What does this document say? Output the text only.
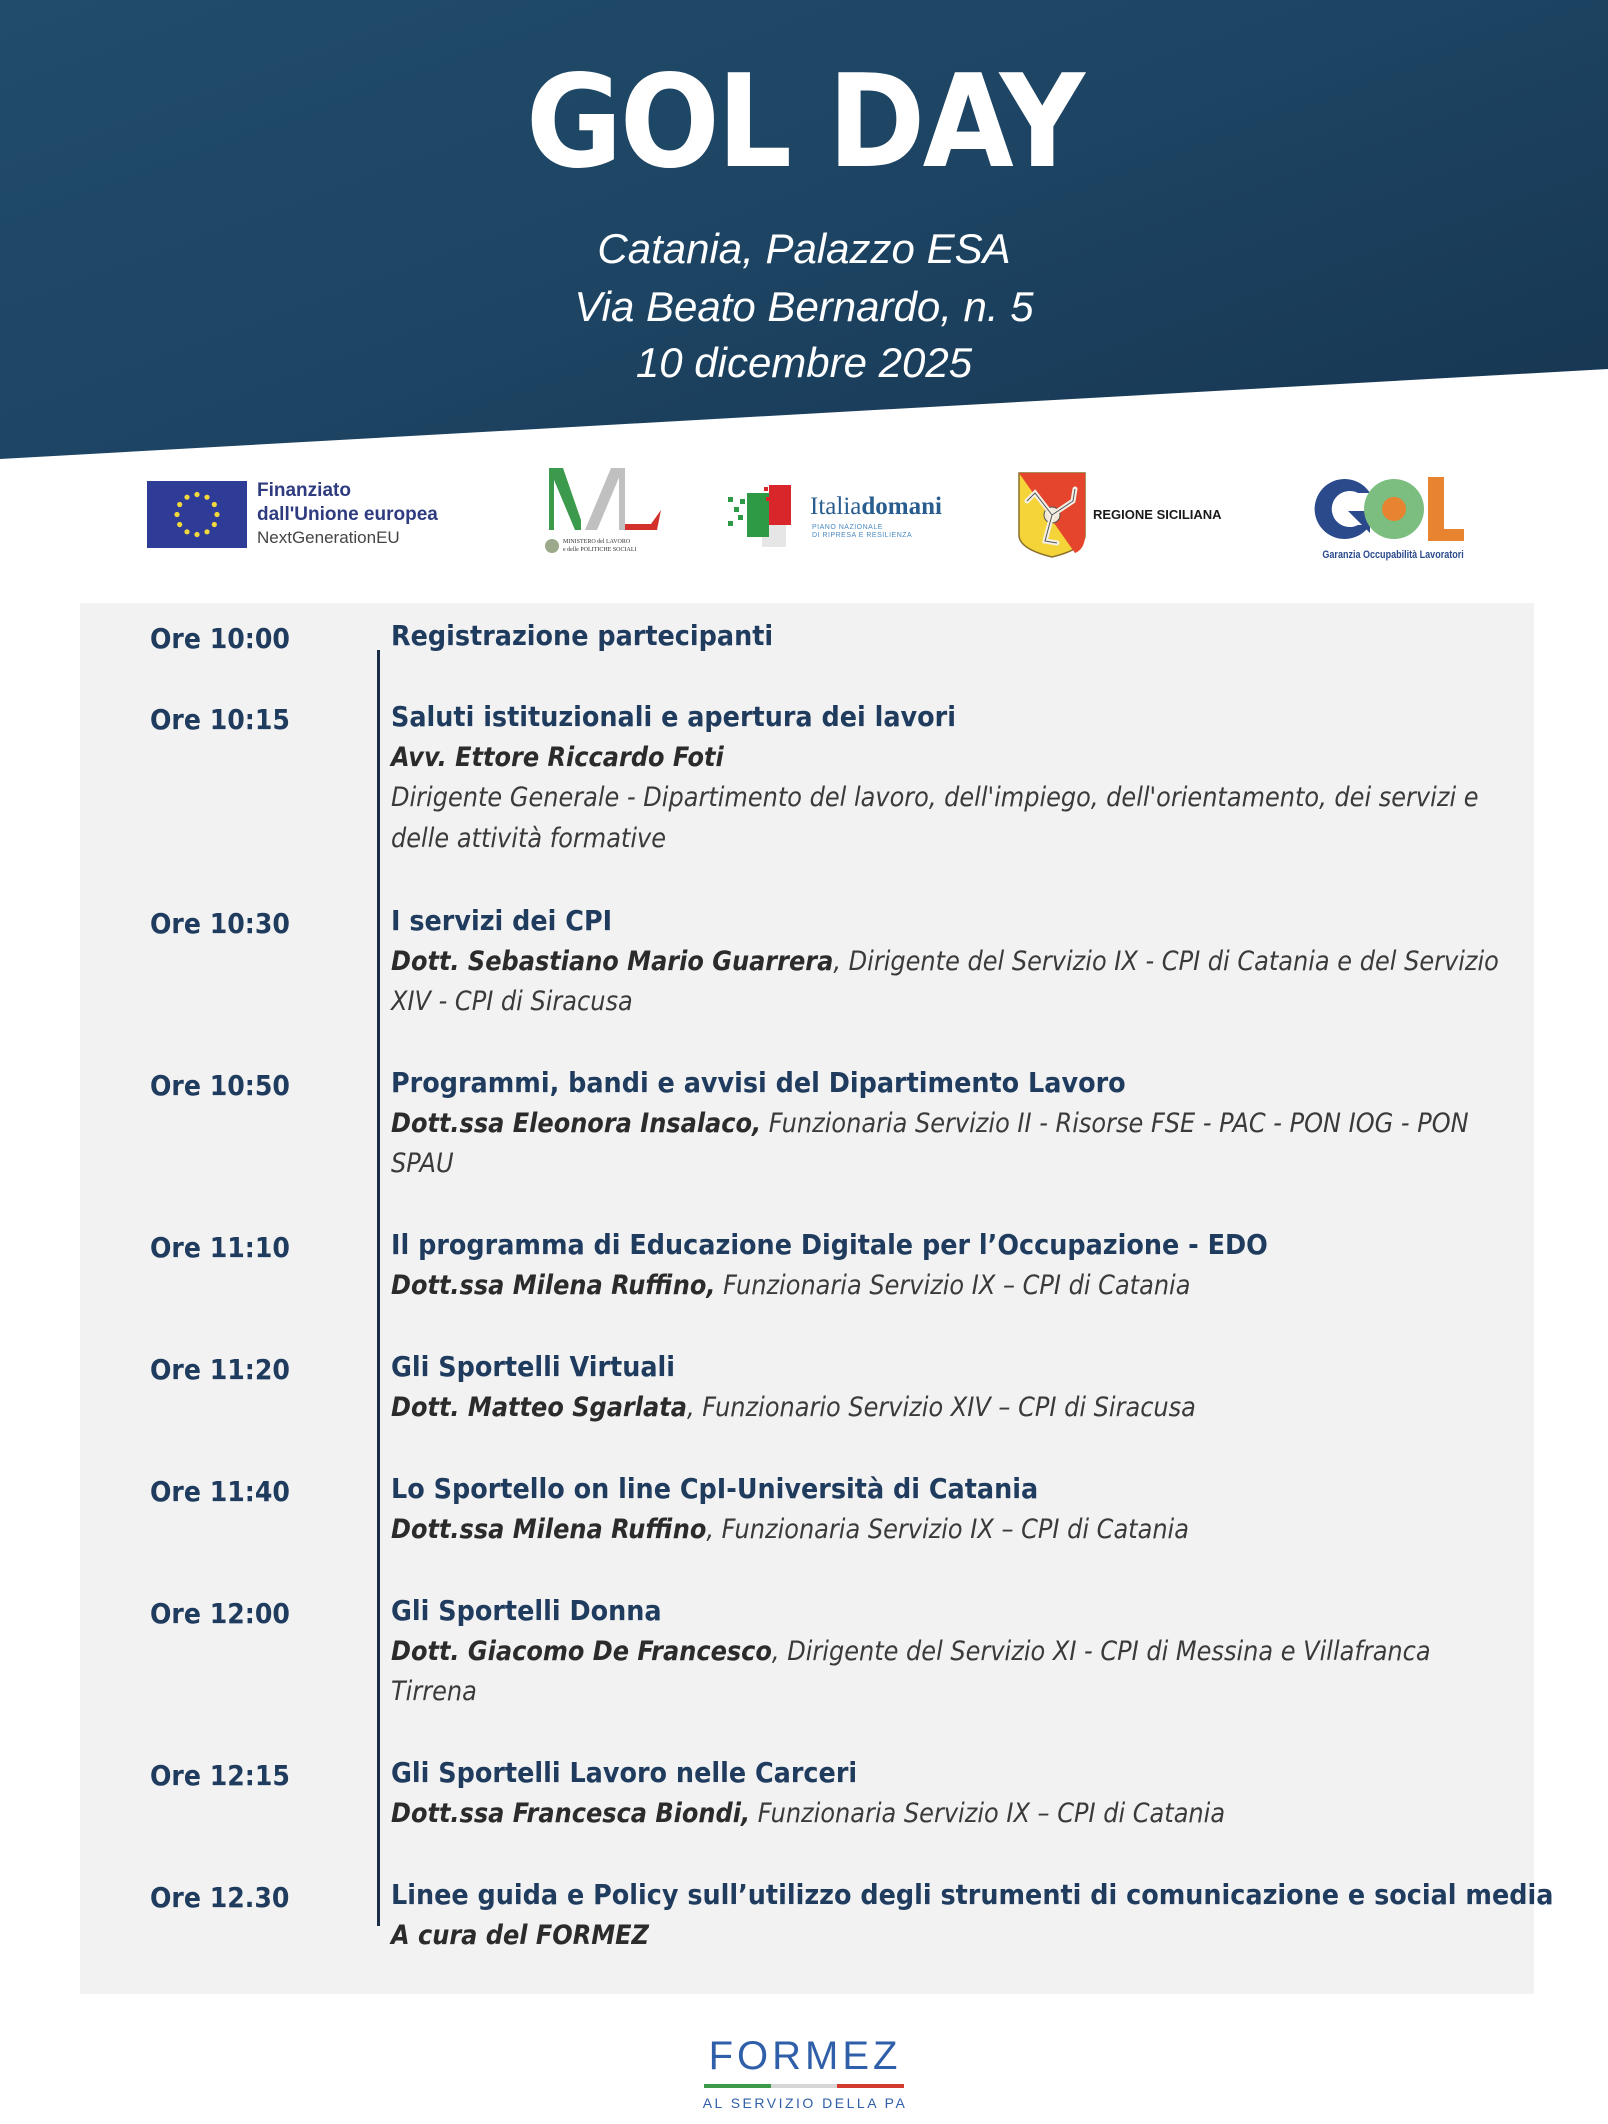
GOL DAY
Catania, Palazzo ESA
Via Beato Bernardo, n. 5
10 dicembre 2025
Finanziato
dall'Unione europea
NextGenerationEU	MINISTERO del LAVORO
e delle POLITICHE SOCIALI
Italiadomani
PIANO NAZIONALE
DI RIPRESA E RESILIENZA
REGIONE SICILIANA
Garanzia Occupabilità Lavoratori
Ore 10:00	Registrazione partecipanti
Ore 10:15	Saluti istituzionali e apertura dei lavori
Avv. Ettore Riccardo Foti
Dirigente Generale - Dipartimento del lavoro, dell'impiego, dell'orientamento, dei servizi e delle attività formative
Ore 10:30	I servizi dei CPI
Dott. Sebastiano Mario Guarrera, Dirigente del Servizio IX - CPI di Catania e del Servizio XIV - CPI di Siracusa
Ore 10:50	Programmi, bandi e avvisi del Dipartimento Lavoro
Dott.ssa Eleonora Insalaco, Funzionaria Servizio II - Risorse FSE - PAC - PON IOG - PON SPAU
Ore 11:10	Il programma di Educazione Digitale per l’Occupazione - EDO
Dott.ssa Milena Ruffino, Funzionaria Servizio IX – CPI di Catania
Ore 11:20	Gli Sportelli Virtuali
Dott. Matteo Sgarlata, Funzionario Servizio XIV – CPI di Siracusa
Ore 11:40	Lo Sportello on line CpI-Università di Catania
Dott.ssa Milena Ruffino, Funzionaria Servizio IX – CPI di Catania
Ore 12:00	Gli Sportelli Donna
Dott. Giacomo De Francesco, Dirigente del Servizio XI - CPI di Messina e Villafranca Tirrena
Ore 12:15	Gli Sportelli Lavoro nelle Carceri
Dott.ssa Francesca Biondi, Funzionaria Servizio IX – CPI di Catania
Ore 12.30	Linee guida e Policy sull’utilizzo degli strumenti di comunicazione e social media
A cura del FORMEZ
FORMEZ
AL SERVIZIO DELLA PA
